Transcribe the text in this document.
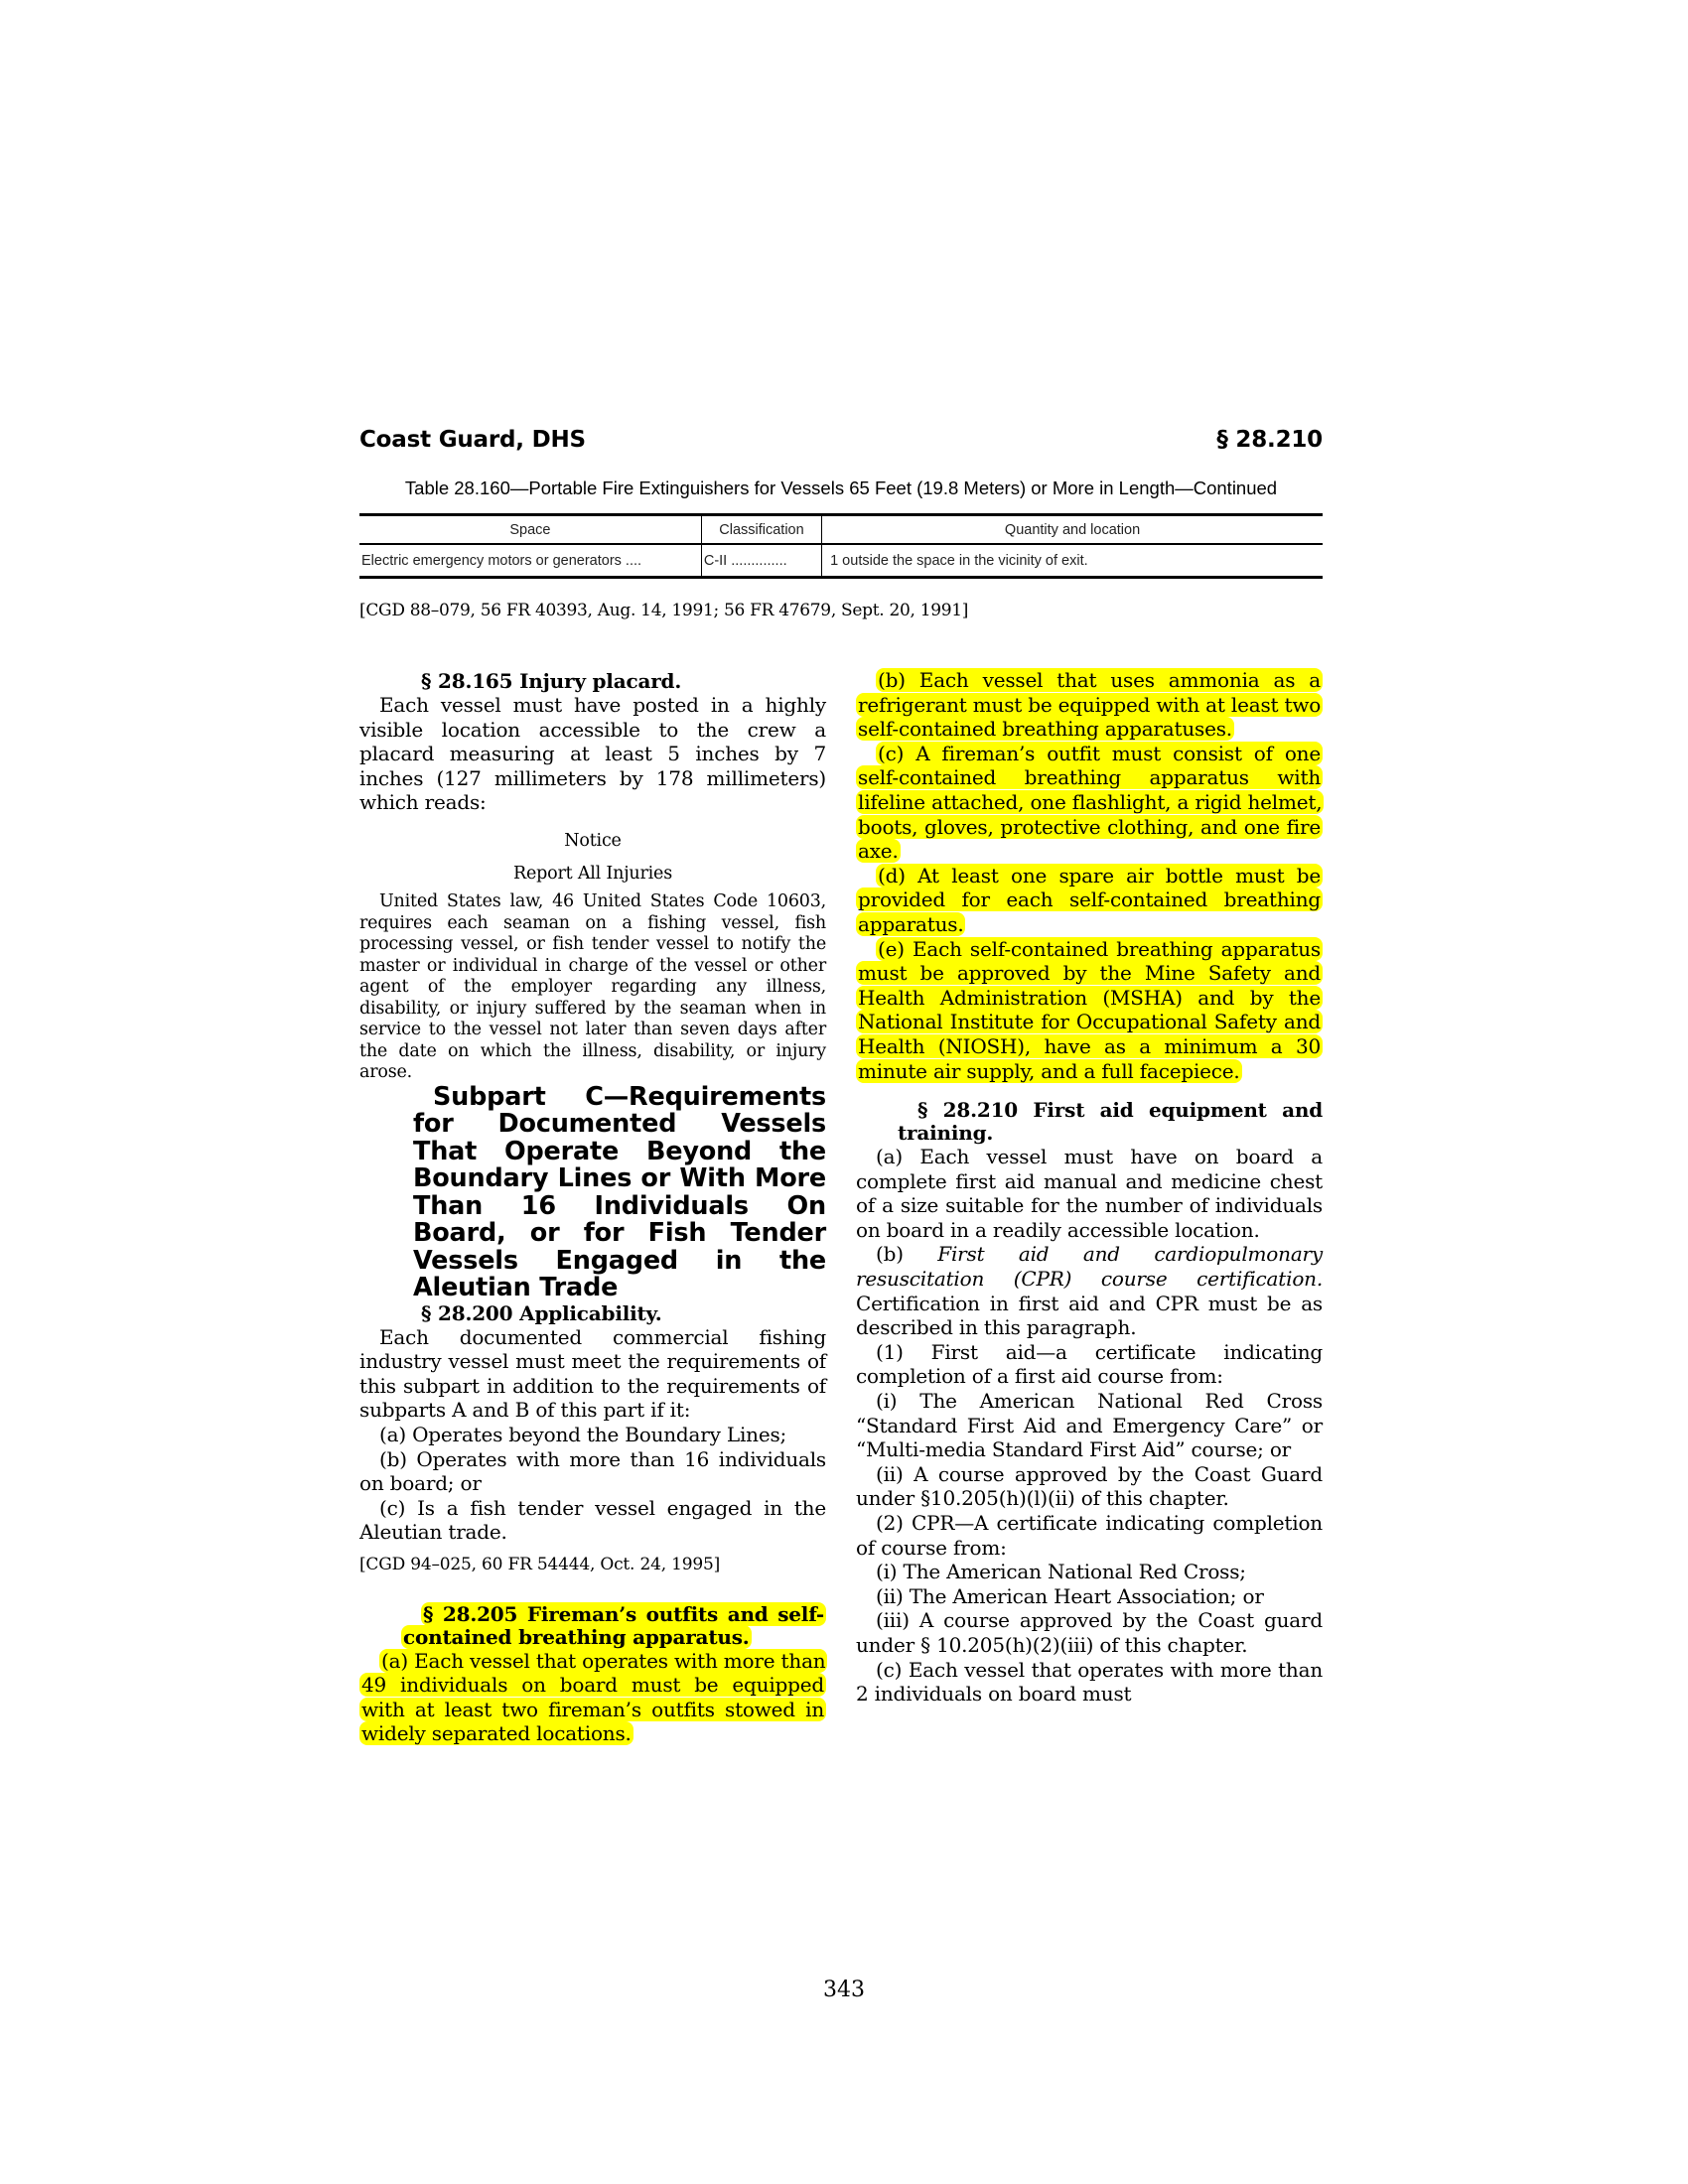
Coast Guard, DHS	§ 28.210
Table 28.160—Portable Fire Extinguishers for Vessels 65 Feet (19.8 Meters) or More in Length—Continued
Space	Classification	Quantity and location
Electric emergency motors or generators ....	C-II ..............	1 outside the space in the vicinity of exit.
[CGD 88–079, 56 FR 40393, Aug. 14, 1991; 56 FR 47679, Sept. 20, 1991]

§ 28.165 Injury placard.

Each vessel must have posted in a highly visible location accessible to the crew a placard measuring at least 5 inches by 7 inches (127 millimeters by 178 millimeters) which reads:

Notice

Report All Injuries

United States law, 46 United States Code 10603, requires each seaman on a fishing vessel, fish processing vessel, or fish tender vessel to notify the master or individual in charge of the vessel or other agent of the employer regarding any illness, disability, or injury suffered by the seaman when in service to the vessel not later than seven days after the date on which the illness, disability, or injury arose.

Subpart C—Requirements for Documented Vessels That Operate Beyond the Boundary Lines or With More Than 16 Individuals On Board, or for Fish Tender Vessels Engaged in the Aleutian Trade

§ 28.200 Applicability.

Each documented commercial fishing industry vessel must meet the requirements of this subpart in addition to the requirements of subparts A and B of this part if it:

(a) Operates beyond the Boundary Lines;

(b) Operates with more than 16 individuals on board; or

(c) Is a fish tender vessel engaged in the Aleutian trade.

[CGD 94–025, 60 FR 54444, Oct. 24, 1995]

§ 28.205 Fireman’s outfits and self-contained breathing apparatus.

(a) Each vessel that operates with more than 49 individuals on board must be equipped with at least two fireman’s outfits stowed in widely separated locations.

(b) Each vessel that uses ammonia as a refrigerant must be equipped with at least two self-contained breathing apparatuses.

(c) A fireman’s outfit must consist of one self-contained breathing apparatus with lifeline attached, one flashlight, a rigid helmet, boots, gloves, protective clothing, and one fire axe.

(d) At least one spare air bottle must be provided for each self-contained breathing apparatus.

(e) Each self-contained breathing apparatus must be approved by the Mine Safety and Health Administration (MSHA) and by the National Institute for Occupational Safety and Health (NIOSH), have as a minimum a 30 minute air supply, and a full facepiece.

§ 28.210 First aid equipment and training.

(a) Each vessel must have on board a complete first aid manual and medicine chest of a size suitable for the number of individuals on board in a readily accessible location.

(b) First aid and cardiopulmonary resuscitation (CPR) course certification. Certification in first aid and CPR must be as described in this paragraph.

(1) First aid—a certificate indicating completion of a first aid course from:

(i) The American National Red Cross “Standard First Aid and Emergency Care” or “Multi-media Standard First Aid” course; or

(ii) A course approved by the Coast Guard under §10.205(h)(l)(ii) of this chapter.

(2) CPR—A certificate indicating completion of course from:

(i) The American National Red Cross;

(ii) The American Heart Association; or

(iii) A course approved by the Coast guard under § 10.205(h)(2)(iii) of this chapter.

(c) Each vessel that operates with more than 2 individuals on board must

343
